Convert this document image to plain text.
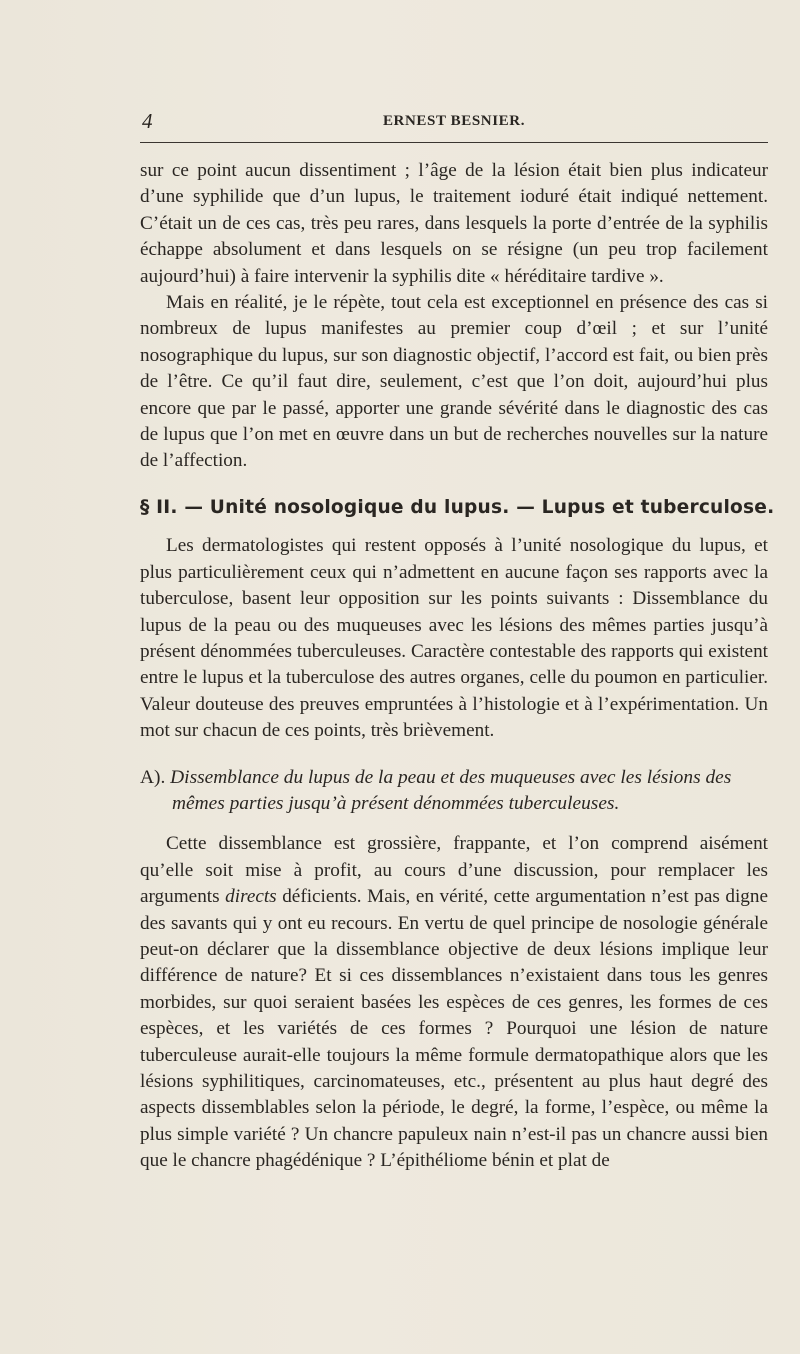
4	ERNEST BESNIER.

sur ce point aucun dissentiment ; l’âge de la lésion était bien plus indicateur d’une syphilide que d’un lupus, le traitement ioduré était indiqué nettement. C’était un de ces cas, très peu rares, dans lesquels la porte d’entrée de la syphilis échappe absolument et dans lesquels on se résigne (un peu trop facilement aujourd’hui) à faire intervenir la syphilis dite « héréditaire tardive ».

Mais en réalité, je le répète, tout cela est exceptionnel en présence des cas si nombreux de lupus manifestes au premier coup d’œil ; et sur l’unité nosographique du lupus, sur son diagnostic objectif, l’accord est fait, ou bien près de l’être. Ce qu’il faut dire, seulement, c’est que l’on doit, aujourd’hui plus encore que par le passé, apporter une grande sévérité dans le diagnostic des cas de lupus que l’on met en œuvre dans un but de recherches nouvelles sur la nature de l’affection.

§ II. — Unité nosologique du lupus. — Lupus et tuberculose.

Les dermatologistes qui restent opposés à l’unité nosologique du lupus, et plus particulièrement ceux qui n’admettent en aucune façon ses rapports avec la tuberculose, basent leur opposition sur les points suivants : Dissemblance du lupus de la peau ou des muqueuses avec les lésions des mêmes parties jusqu’à présent dénommées tuberculeuses. Caractère contestable des rapports qui existent entre le lupus et la tuberculose des autres organes, celle du poumon en particulier. Valeur douteuse des preuves empruntées à l’histologie et à l’expérimentation. Un mot sur chacun de ces points, très brièvement.

A). Dissemblance du lupus de la peau et des muqueuses avec les lésions des mêmes parties jusqu’à présent dénommées tuberculeuses.

Cette dissemblance est grossière, frappante, et l’on comprend aisément qu’elle soit mise à profit, au cours d’une discussion, pour remplacer les arguments directs déficients. Mais, en vérité, cette argumentation n’est pas digne des savants qui y ont eu recours. En vertu de quel principe de nosologie générale peut-on déclarer que la dissemblance objective de deux lésions implique leur différence de nature? Et si ces dissemblances n’existaient dans tous les genres morbides, sur quoi seraient basées les espèces de ces genres, les formes de ces espèces, et les variétés de ces formes ? Pourquoi une lésion de nature tuberculeuse aurait-elle toujours la même formule dermatopathique alors que les lésions syphilitiques, carcinomateuses, etc., présentent au plus haut degré des aspects dissemblables selon la période, le degré, la forme, l’espèce, ou même la plus simple variété ? Un chancre papuleux nain n’est-il pas un chancre aussi bien que le chancre phagédénique ? L’épithéliome bénin et plat de
